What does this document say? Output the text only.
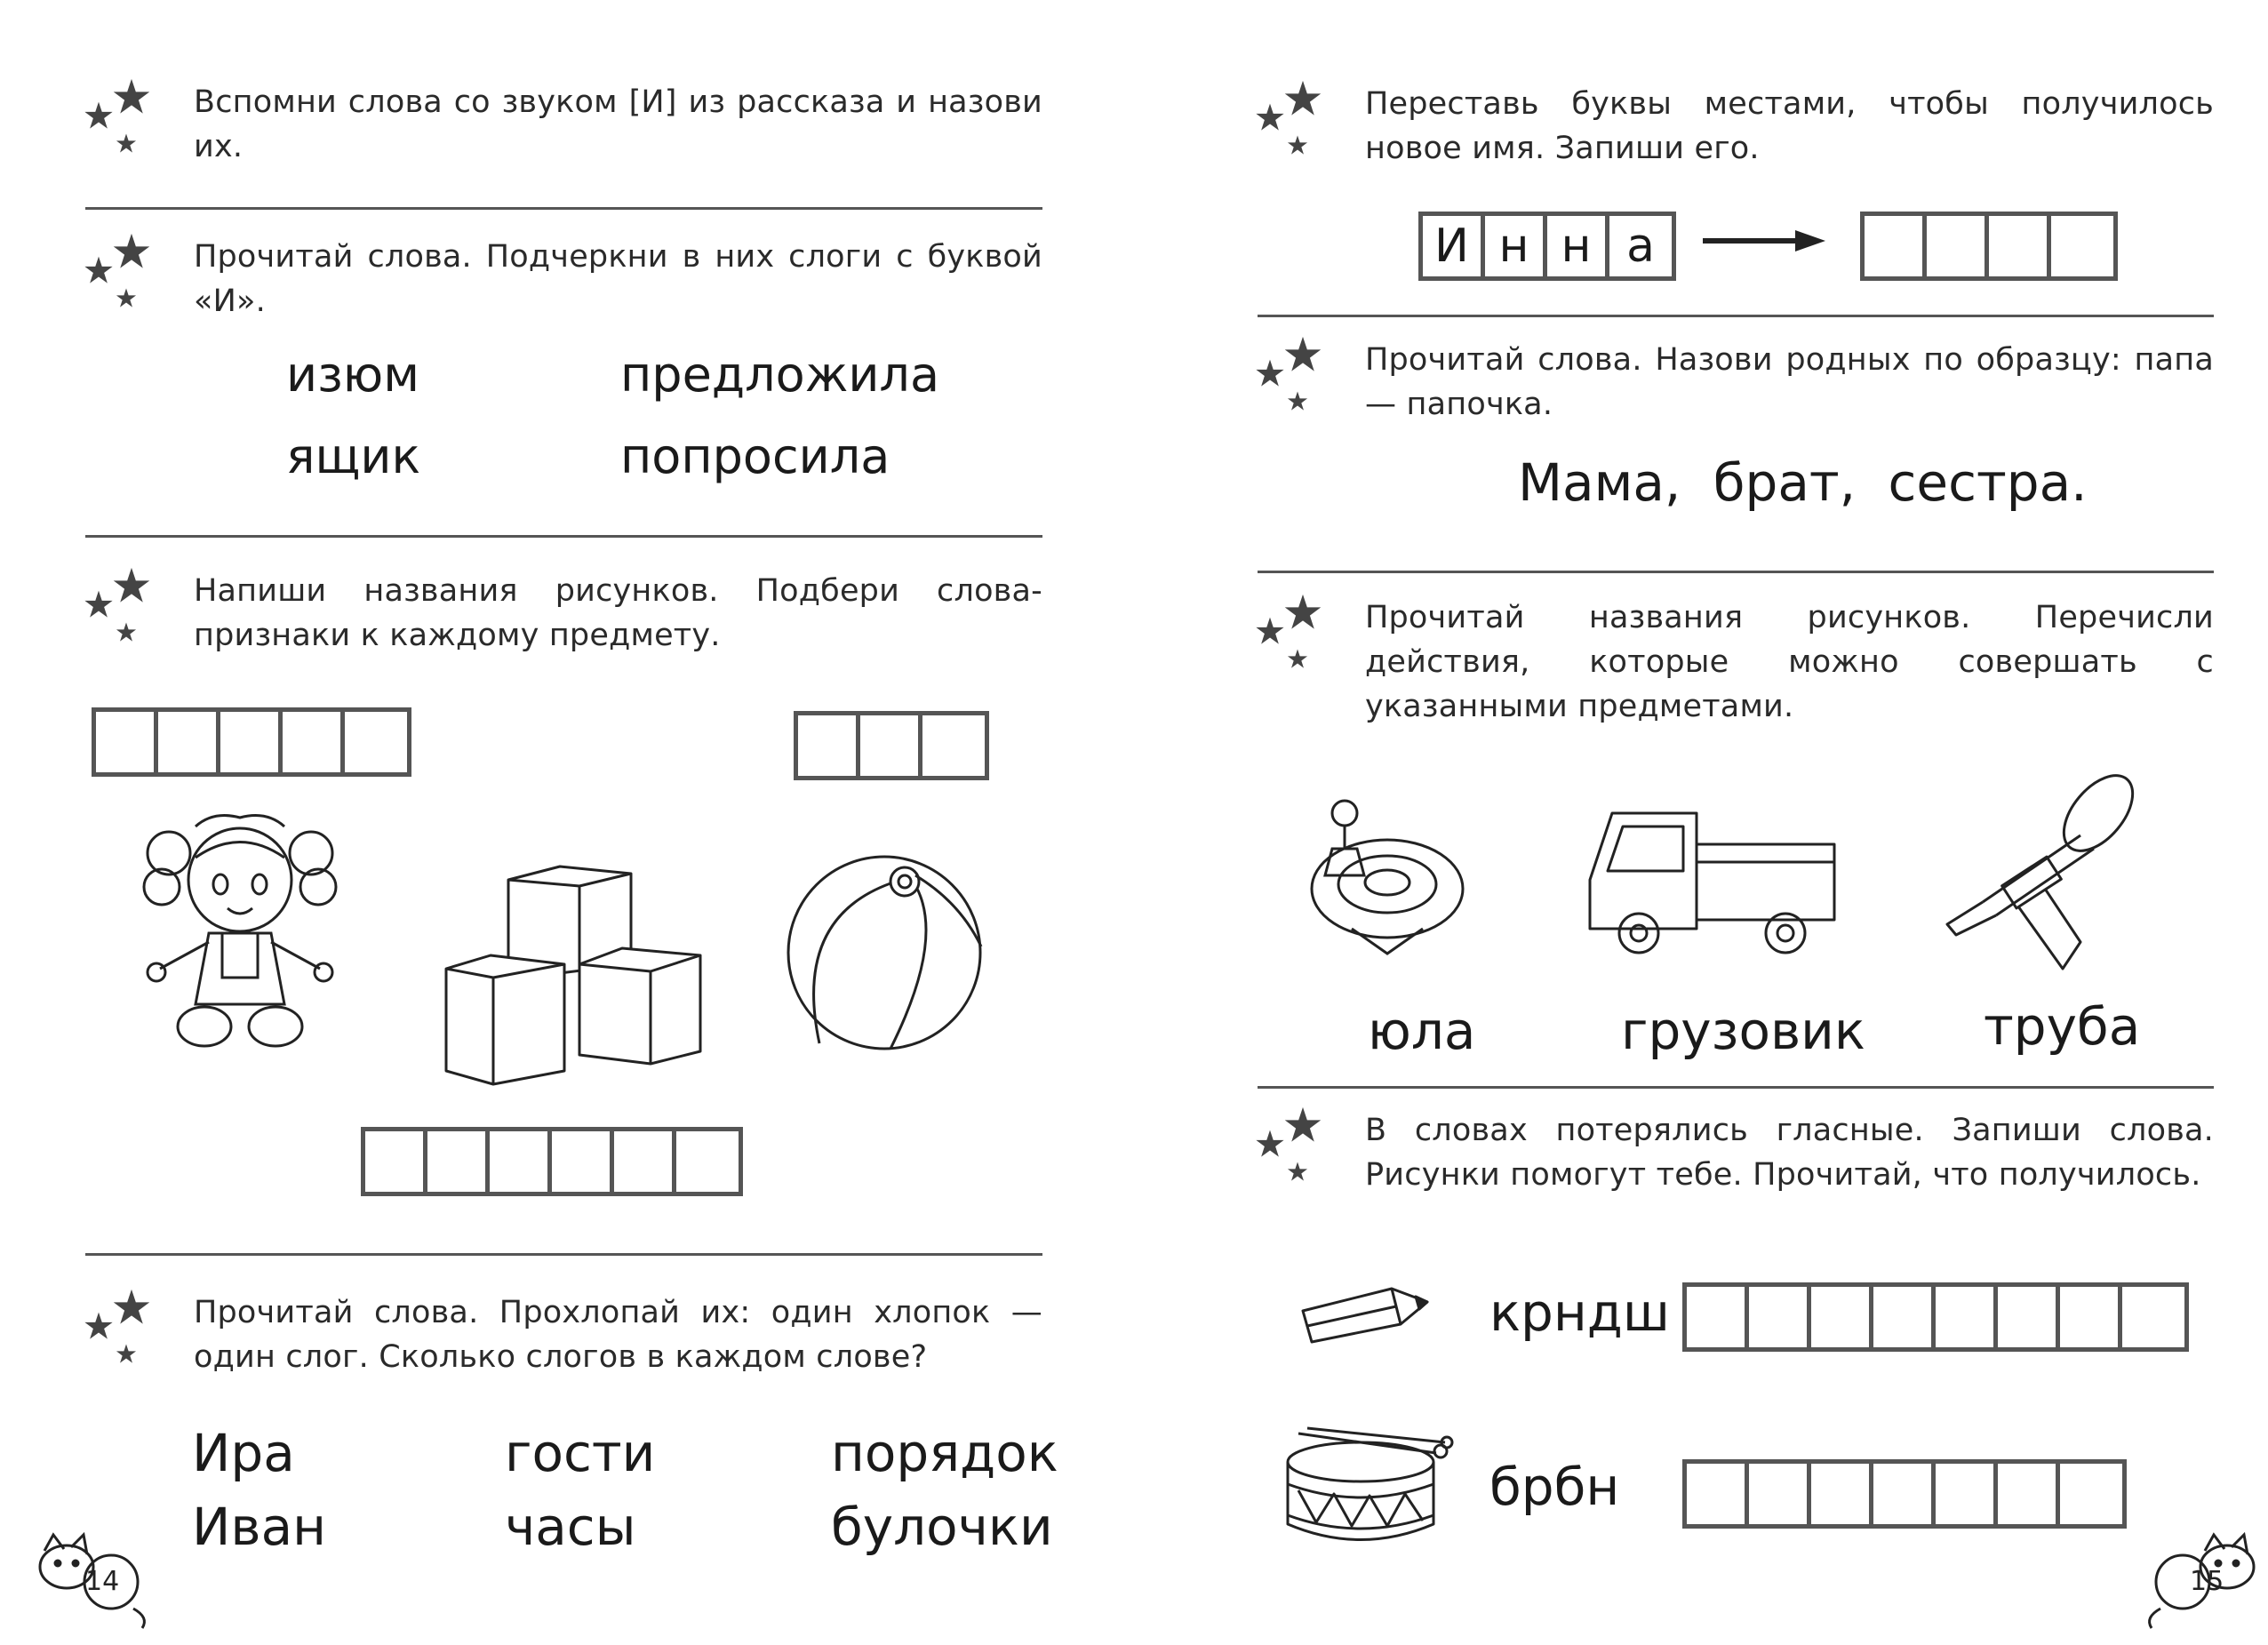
Вспомни слова со звуком [И] из рассказа и назови их.
Прочитай слова. Подчеркни в них слоги с буквой «И».
изюм	предложила
ящик	попросила
Напиши названия рисунков. Подбери слова-признаки к каждому предмету.
Прочитай слова. Прохлопай их: один хлопок — один слог. Сколько слогов в каждом слове?
Ира	гости	порядок
Иван	часы	булочки
14
Переставь буквы местами, чтобы получилось новое имя. Запиши его.
И н н а
Прочитай слова. Назови родных по образцу: папа — папочка.
Мама, брат, сестра.
Прочитай названия рисунков. Перечисли действия, которые можно совершать с указанными предметами.
юла	грузовик труба
В словах потерялись гласные. Запиши слова. Рисунки помогут тебе. Прочитай, что получилось.
крндш
брбн
15
